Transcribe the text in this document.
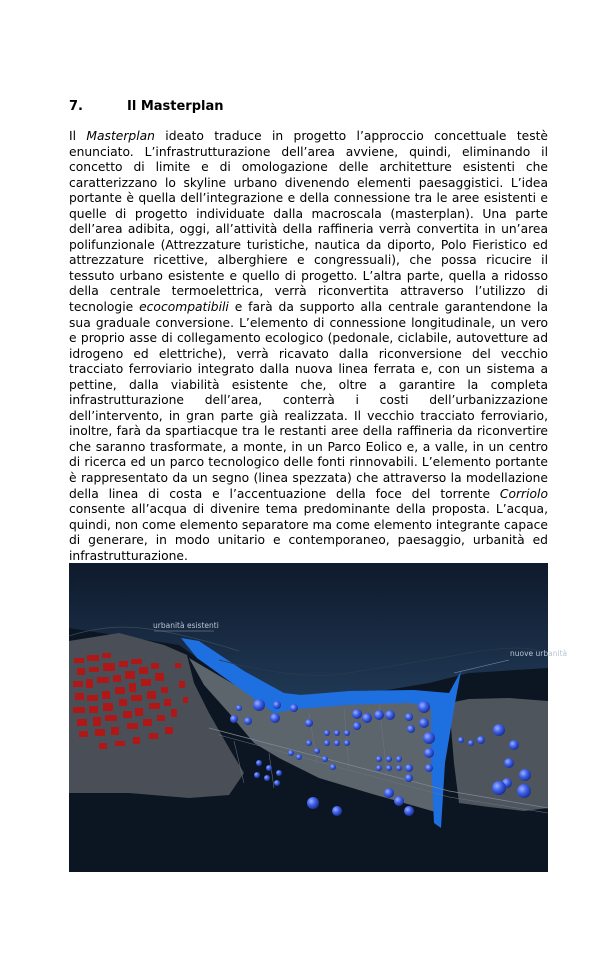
7.	Il Masterplan
Il Masterplan ideato traduce in progetto l’approccio concettuale testè enunciato. L’infrastrutturazione dell’area avviene, quindi, eliminando il concetto di limite e di omologazione delle architetture esistenti che caratterizzano lo skyline urbano divenendo elementi paesaggistici. L’idea portante è quella dell’integrazione e della connessione tra le aree esistenti e quelle di progetto individuate dalla macroscala (masterplan). Una parte dell’area adibita, oggi, all’attività della raffineria verrà convertita in un’area polifunzionale (Attrezzature turistiche, nautica da diporto, Polo Fieristico ed attrezzature ricettive, alberghiere e congressuali), che possa ricucire il tessuto urbano esistente e quello di progetto. L’altra parte, quella a ridosso della centrale termoelettrica, verrà riconvertita attraverso l’utilizzo di tecnologie ecocompatibili e farà da supporto alla centrale garantendone la sua graduale conversione. L’elemento di connessione longitudinale, un vero e proprio asse di collegamento ecologico (pedonale, ciclabile, autovetture ad idrogeno ed elettriche), verrà ricavato dalla riconversione del vecchio tracciato ferroviario integrato dalla nuova linea ferrata e, con un sistema a pettine, dalla viabilità esistente che, oltre a garantire la completa infrastrutturazione dell’area, conterrà i costi dell’urbanizzazione dell’intervento, in gran parte già realizzata. Il vecchio tracciato ferroviario, inoltre, farà da spartiacque tra le restanti aree della raffineria da riconvertire che saranno trasformate, a monte, in un Parco Eolico e, a valle, in un centro di ricerca ed un parco tecnologico delle fonti rinnovabili. L’elemento portante è rappresentato da un segno (linea spezzata) che attraverso la modellazione della linea di costa e l’accentuazione della foce del torrente Corriolo consente all’acqua di divenire tema predominante della proposta. L’acqua, quindi, non come elemento separatore ma come elemento integrante capace di generare, in modo unitario e contemporaneo, paesaggio, urbanità ed infrastrutturazione.
urbanità esistenti
nuove urbanità
